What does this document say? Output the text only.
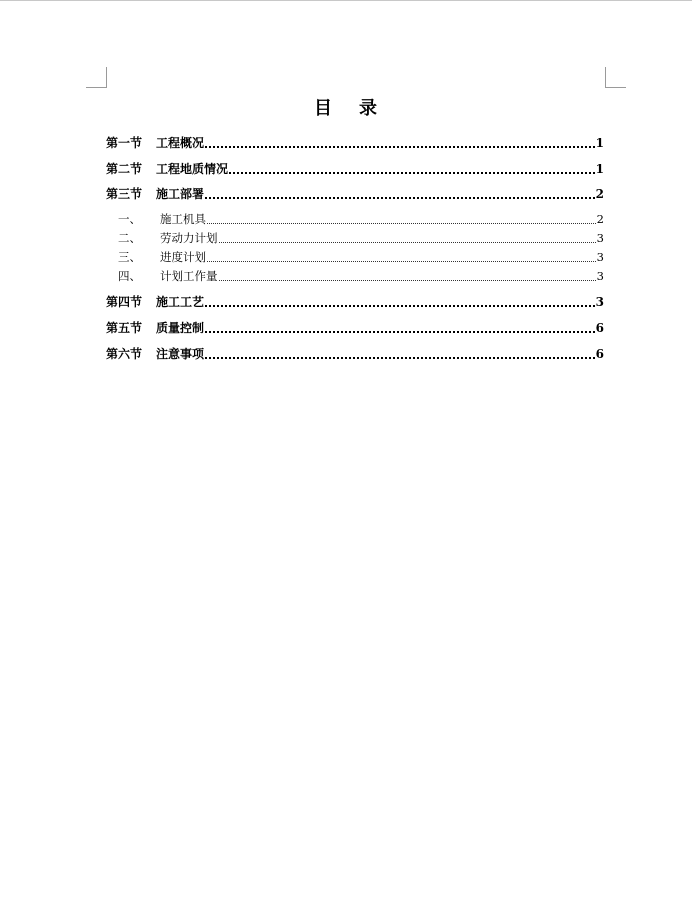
目 录
第一节	工程概况	1
第二节	工程地质情况	1
第三节	施工部署	2
一、	施工机具	2
二、	劳动力计划	3
三、	进度计划	3
四、	计划工作量	3
第四节	施工工艺	3
第五节	质量控制	6
第六节	注意事项	6
